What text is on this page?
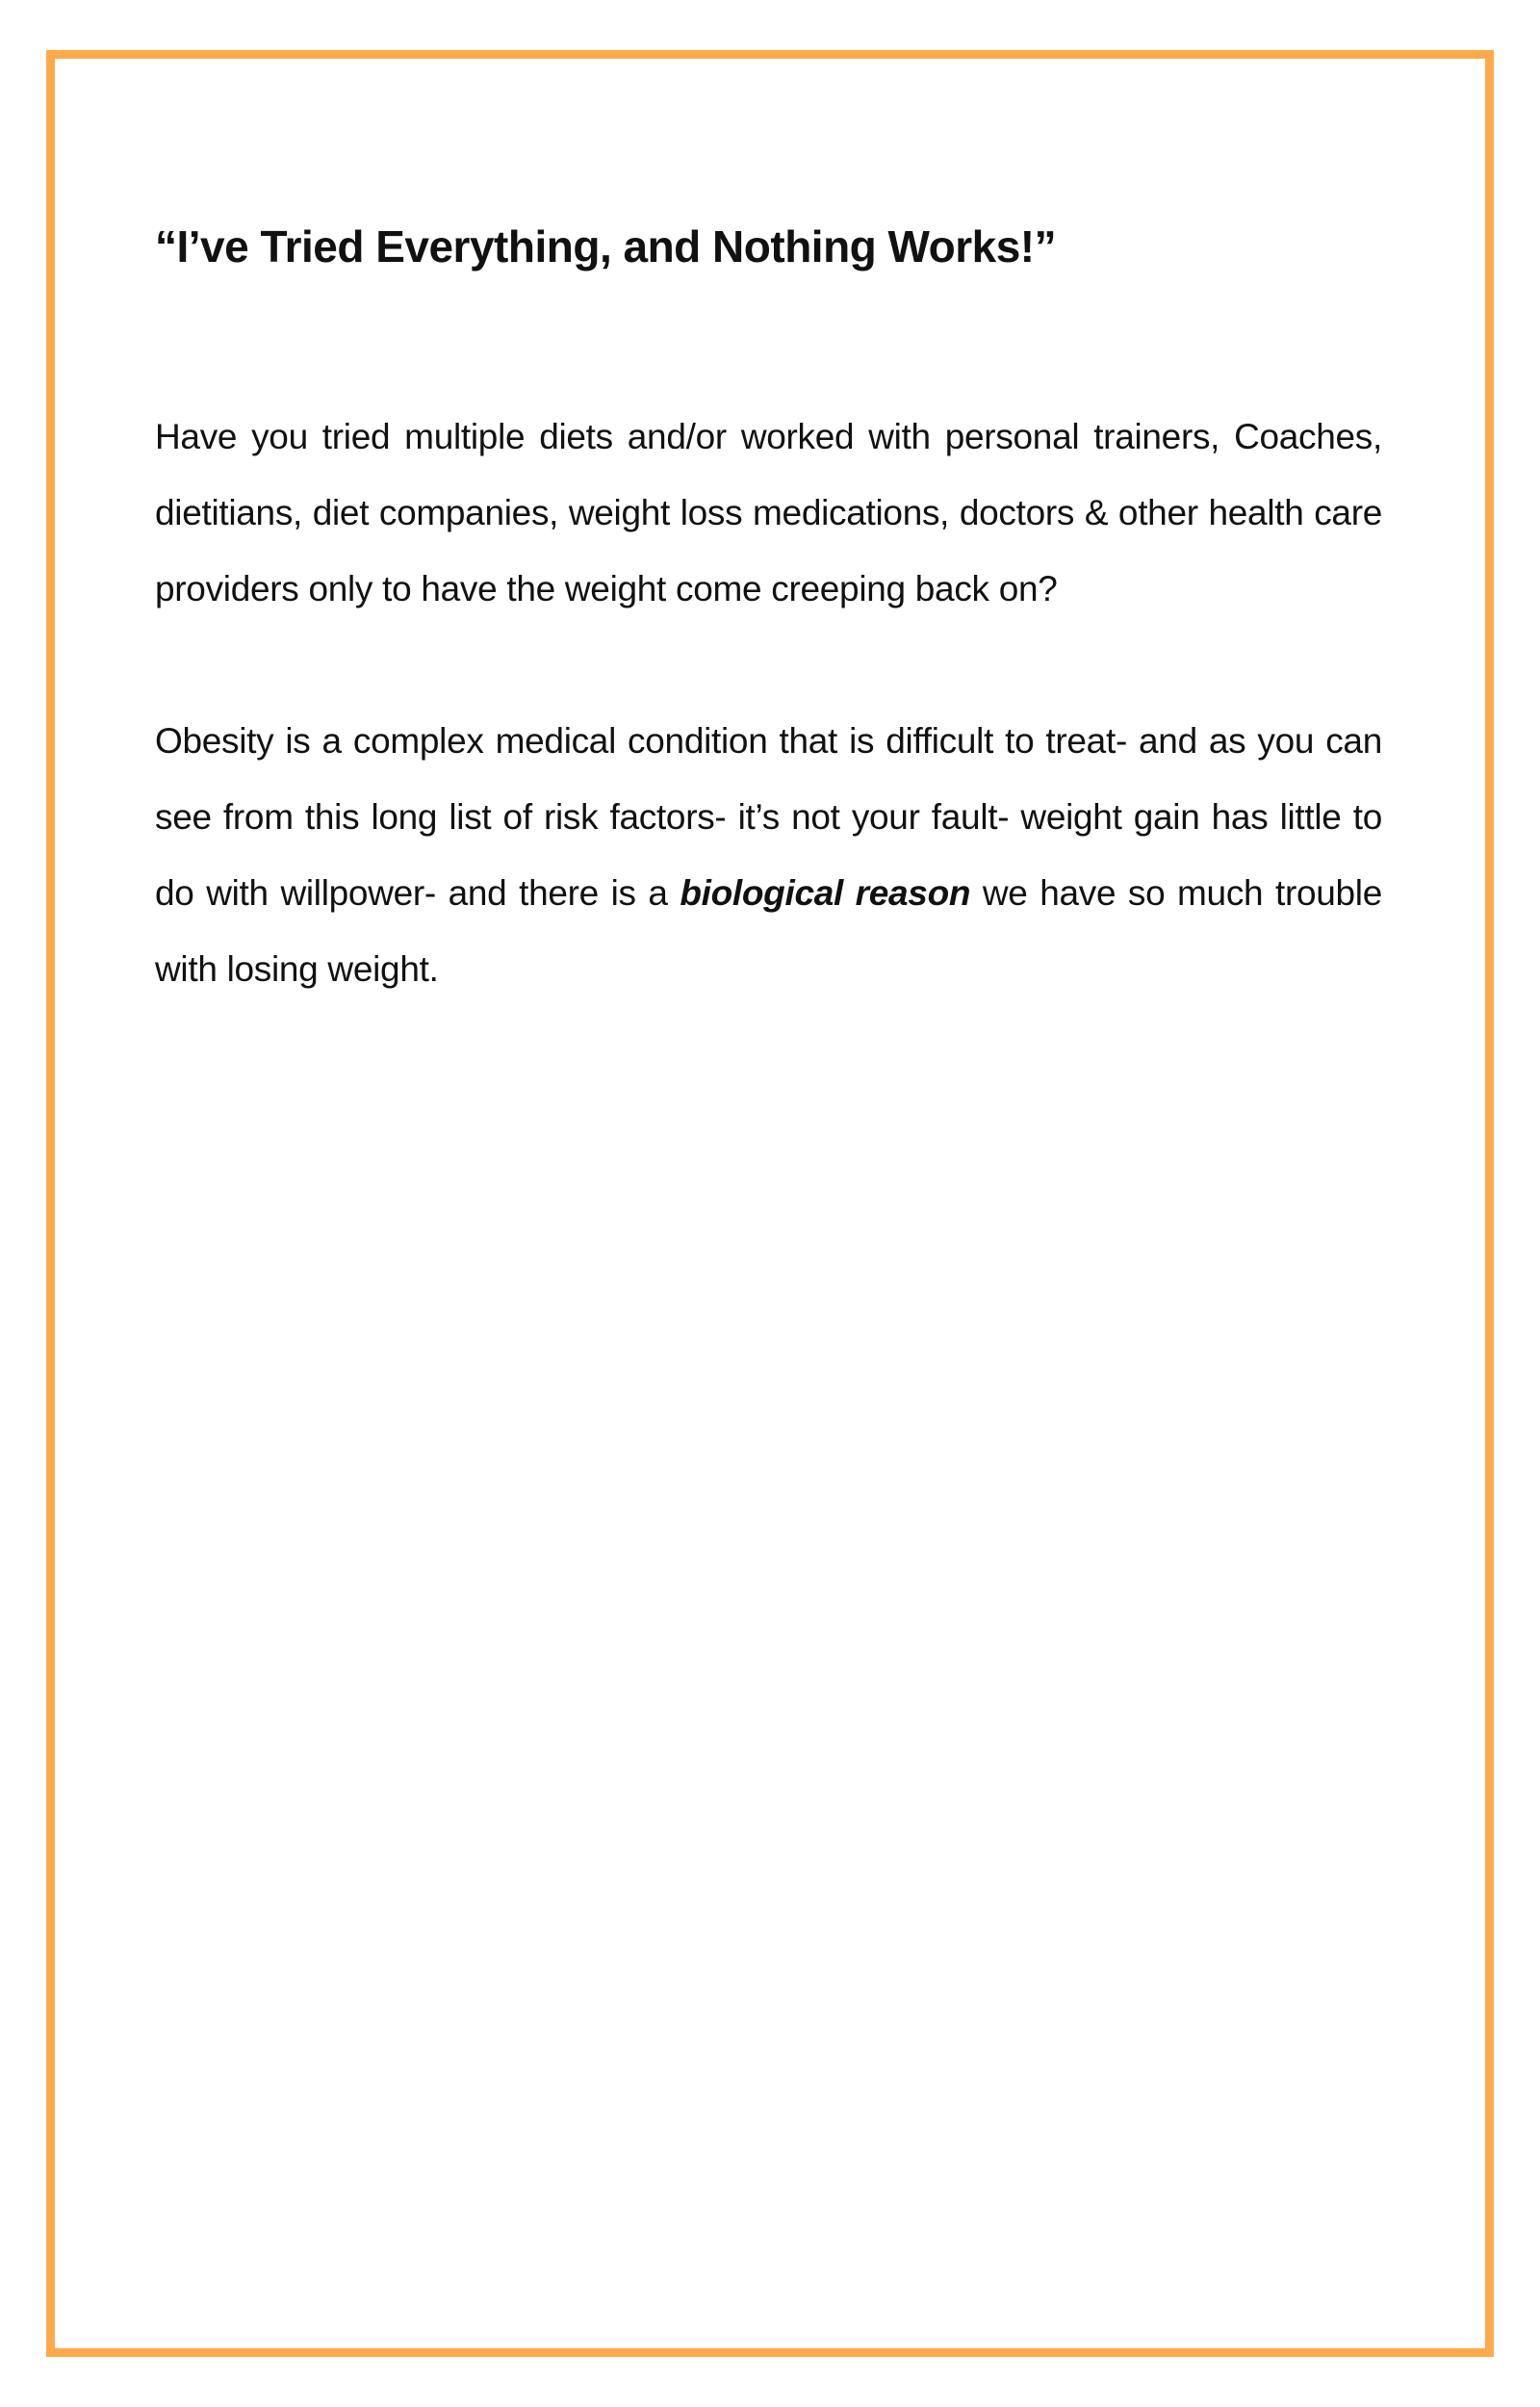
“I’ve Tried Everything, and Nothing Works!”

Have you tried multiple diets and/or worked with personal trainers, Coaches, dietitians, diet companies, weight loss medications, doctors & other health care providers only to have the weight come creeping back on?

Obesity is a complex medical condition that is difficult to treat- and as you can see from this long list of risk factors- it’s not your fault- weight gain has little to do with willpower- and there is a biological reason we have so much trouble with losing weight.
